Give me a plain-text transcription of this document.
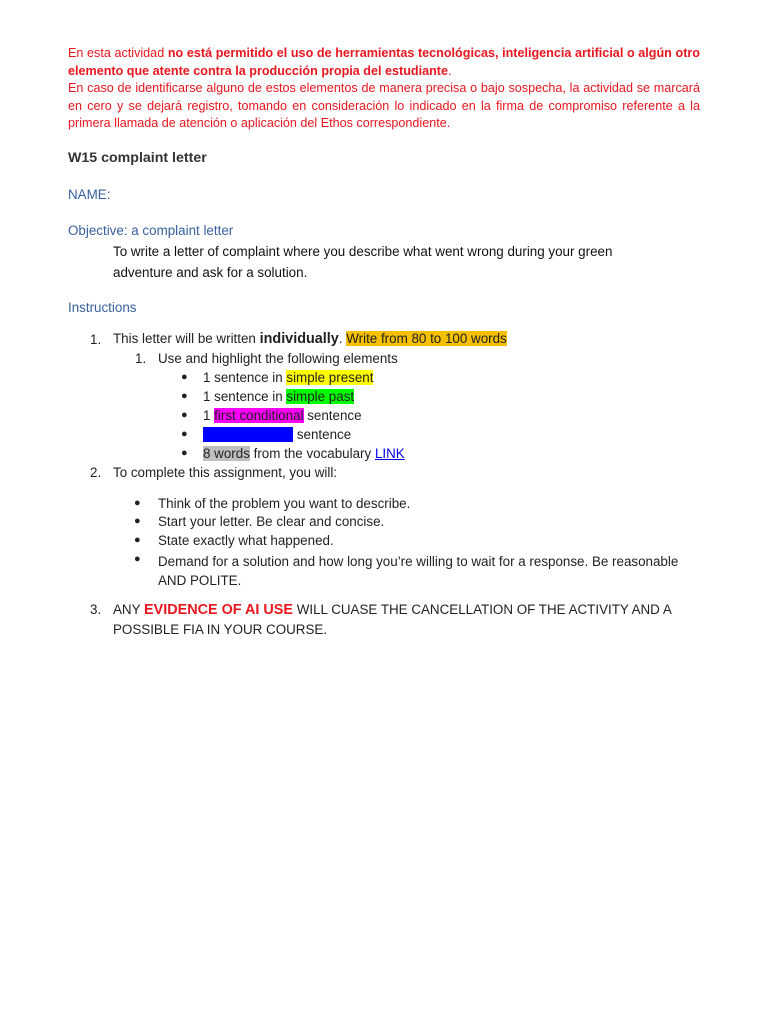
En esta actividad no está permitido el uso de herramientas tecnológicas, inteligencia artificial o algún otro elemento que atente contra la producción propia del estudiante.

En caso de identificarse alguno de estos elementos de manera precisa o bajo sospecha, la actividad se marcará en cero y se dejará registro, tomando en consideración lo indicado en la firma de compromiso referente a la primera llamada de atención o aplicación del Ethos correspondiente.

W15 complaint letter
NAME:
Objective: a complaint letter

To write a letter of complaint where you describe what went wrong during your green adventure and ask for a solution.

Instructions
1. This letter will be written individually. Write from 80 to 100 words
1. Use and highlight the following elements
● 1 sentence in simple present
● 1 sentence in simple past
● 1 first conditional sentence
● 2nd conditional sentence
● 8 words from the vocabulary LINK
2. To complete this assignment, you will:
● Think of the problem you want to describe.
● Start your letter. Be clear and concise.
● State exactly what happened.
● Demand for a solution and how long you’re willing to wait for a response. Be reasonable AND POLITE.
3. ANY EVIDENCE OF AI USE WILL CUASE THE CANCELLATION OF THE ACTIVITY AND A POSSIBLE FIA IN YOUR COURSE.
